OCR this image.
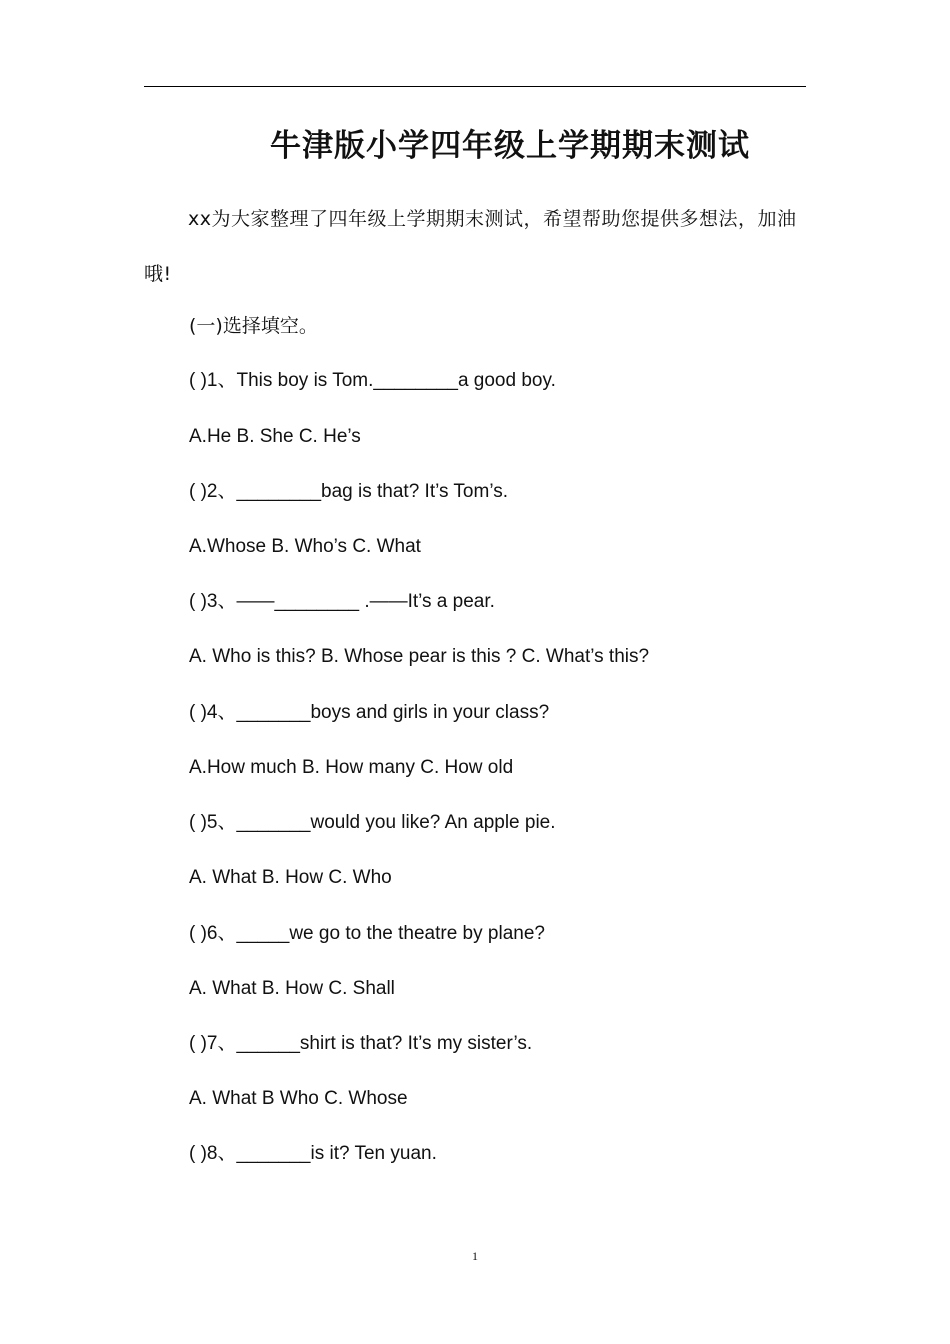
牛津版小学四年级上学期期末测试
xx为大家整理了四年级上学期期末测试，希望帮助您提供多想法，加油哦!
(一)选择填空。
( )1、This boy is Tom.________a good boy.
A.He B. She C. He’s
( )2、________bag is that? It’s Tom’s.
A.Whose B. Who’s C. What
( )3、——________ .——It’s a pear.
A. Who is this? B. Whose pear is this ? C. What’s this?
( )4、_______boys and girls in your class?
A.How much B. How many C. How old
( )5、_______would you like? An apple pie.
A. What B. How C. Who
( )6、_____we go to the theatre by plane?
A. What B. How C. Shall
( )7、______shirt is that? It’s my sister’s.
A. What B Who C. Whose
( )8、_______is it? Ten yuan.
1
